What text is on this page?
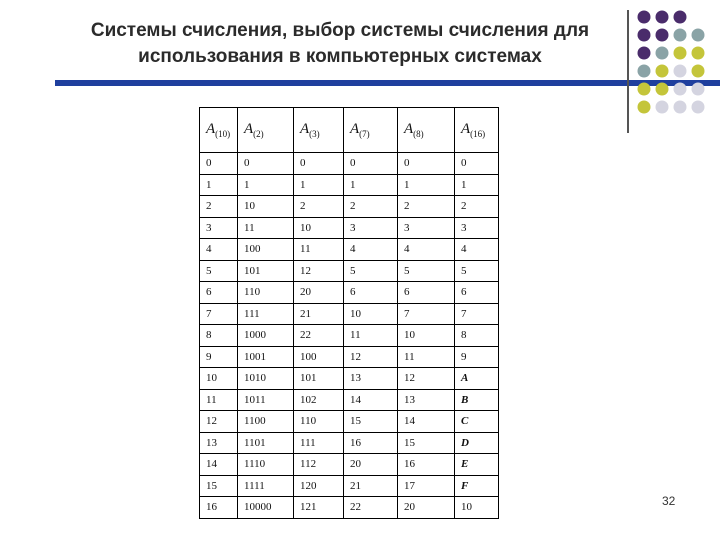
Системы счисления, выбор системы счисления для
использования в компьютерных системах
$A_{(10)}$	$A_{(2)}$	$A_{(3)}$	$A_{(7)}$	$A_{(8)}$	$A_{(16)}$
0	0	0	0	0	0
1	1	1	1	1	1
2	10	2	2	2	2
3	11	10	3	3	3
4	100	11	4	4	4
5	101	12	5	5	5
6	110	20	6	6	6
7	111	21	10	7	7
8	1000	22	11	10	8
9	1001	100	12	11	9
10	1010	101	13	12	A
11	1011	102	14	13	B
12	1100	110	15	14	C
13	1101	111	16	15	D
14	1110	112	20	16	E
15	1111	120	21	17	F
16	10000	121	22	20	10	32
